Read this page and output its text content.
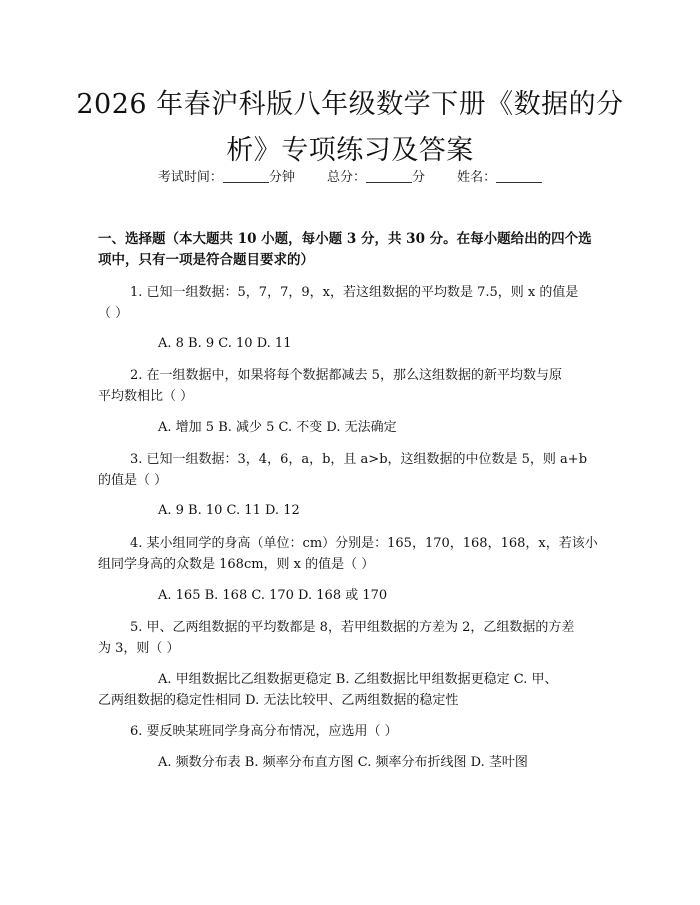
2026 年春沪科版八年级数学下册《数据的分
析》专项练习及答案
考试时间：	分钟 总分：	分 姓名：
一、选择题（本大题共 10 小题，每小题 3 分，共 30 分。在每小题给出的四个选
项中，只有一项是符合题目要求的）
1. 已知一组数据：5，7，7，9，x，若这组数据的平均数是 7.5，则 x 的值是
（ ）
A. 8 B. 9 C. 10 D. 11
2. 在一组数据中，如果将每个数据都减去 5，那么这组数据的新平均数与原
平均数相比（ ）
A. 增加 5 B. 减少 5 C. 不变 D. 无法确定
3. 已知一组数据：3，4，6，a，b，且 a>b，这组数据的中位数是 5，则 a+b
的值是（ ）
A. 9 B. 10 C. 11 D. 12
4. 某小组同学的身高（单位：cm）分别是：165，170，168，168，x，若该小
组同学身高的众数是 168cm，则 x 的值是（ ）
A. 165 B. 168 C. 170 D. 168 或 170
5. 甲、乙两组数据的平均数都是 8，若甲组数据的方差为 2，乙组数据的方差
为 3，则（ ）
A. 甲组数据比乙组数据更稳定 B. 乙组数据比甲组数据更稳定 C. 甲、
乙两组数据的稳定性相同 D. 无法比较甲、乙两组数据的稳定性
6. 要反映某班同学身高分布情况，应选用（ ）
A. 频数分布表 B. 频率分布直方图 C. 频率分布折线图 D. 茎叶图
